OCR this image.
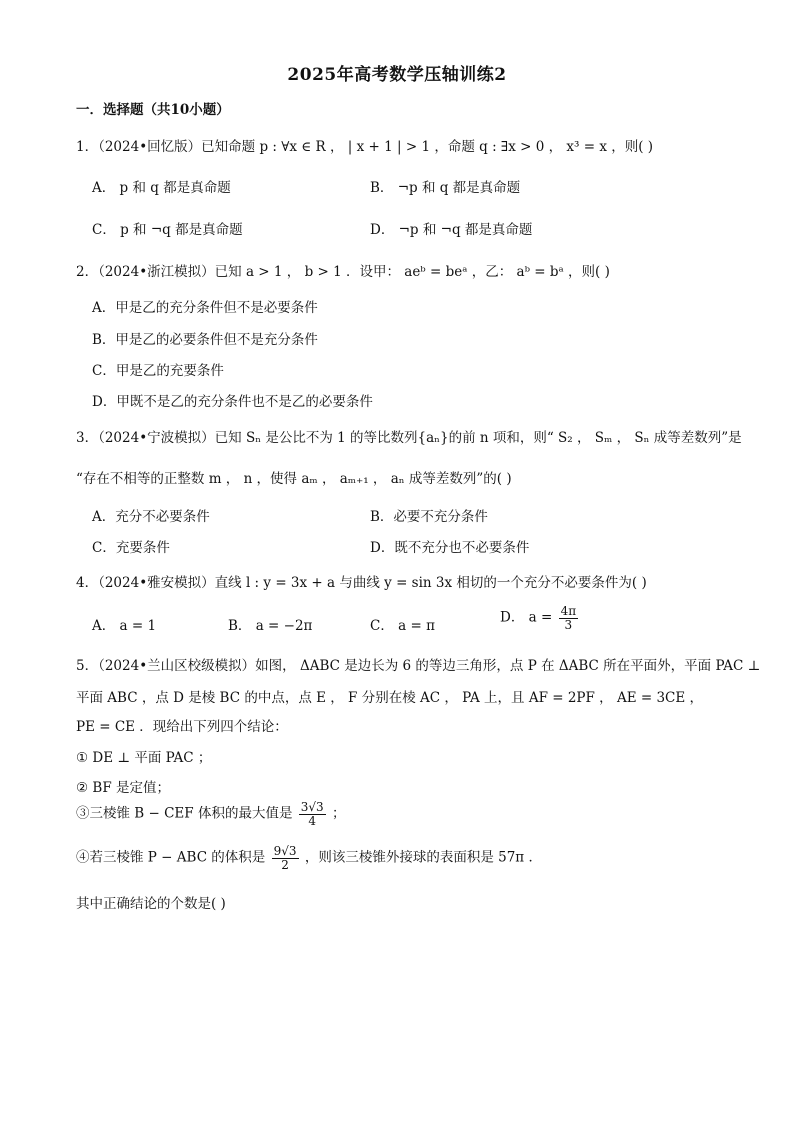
2025年高考数学压轴训练2
一．选择题（共10小题）
1．（2024•回忆版）已知命题 p : ∀x ∈ R ， | x + 1 | > 1 ，命题 q : ∃x > 0 ， x³ = x ，则( )
A． p 和 q 都是真命题	B． ¬p 和 q 都是真命题
C． p 和 ¬q 都是真命题	D． ¬p 和 ¬q 都是真命题
2．（2024•浙江模拟）已知 a > 1 ， b > 1 ．设甲： aeᵇ = beᵃ ，乙： aᵇ = bᵃ ，则( )
A．甲是乙的充分条件但不是必要条件
B．甲是乙的必要条件但不是充分条件
C．甲是乙的充要条件
D．甲既不是乙的充分条件也不是乙的必要条件
3．（2024•宁波模拟）已知 Sₙ 是公比不为 1 的等比数列{aₙ}的前 n 项和，则“ S₂ ， Sₘ ， Sₙ 成等差数列”是
“存在不相等的正整数 m ， n ，使得 aₘ ， aₘ₊₁ ， aₙ 成等差数列”的( )
A．充分不必要条件	B．必要不充分条件
C．充要条件	D．既不充分也不必要条件
4．（2024•雅安模拟）直线 l : y = 3x + a 与曲线 y = sin 3x 相切的一个充分不必要条件为( )
A． a = 1	B． a = −2π	C． a = π
D． $a = \frac{4\pi}{3}$
5．（2024•兰山区校级模拟）如图， ΔABC 是边长为 6 的等边三角形，点 P 在 ΔABC 所在平面外，平面 PAC ⊥
平面 ABC ，点 D 是棱 BC 的中点，点 E ， F 分别在棱 AC ， PA 上，且 AF = 2PF ， AE = 3CE ，
PE = CE ．现给出下列四个结论：
① DE ⊥ 平面 PAC ；
② BF 是定值；
③三棱锥 B − CEF 体积的最大值是 $\frac{3√3}{4}$ ；
④若三棱锥 P − ABC 的体积是 $\frac{9√3}{2}$ ，则该三棱锥外接球的表面积是 57π ．
其中正确结论的个数是( )
